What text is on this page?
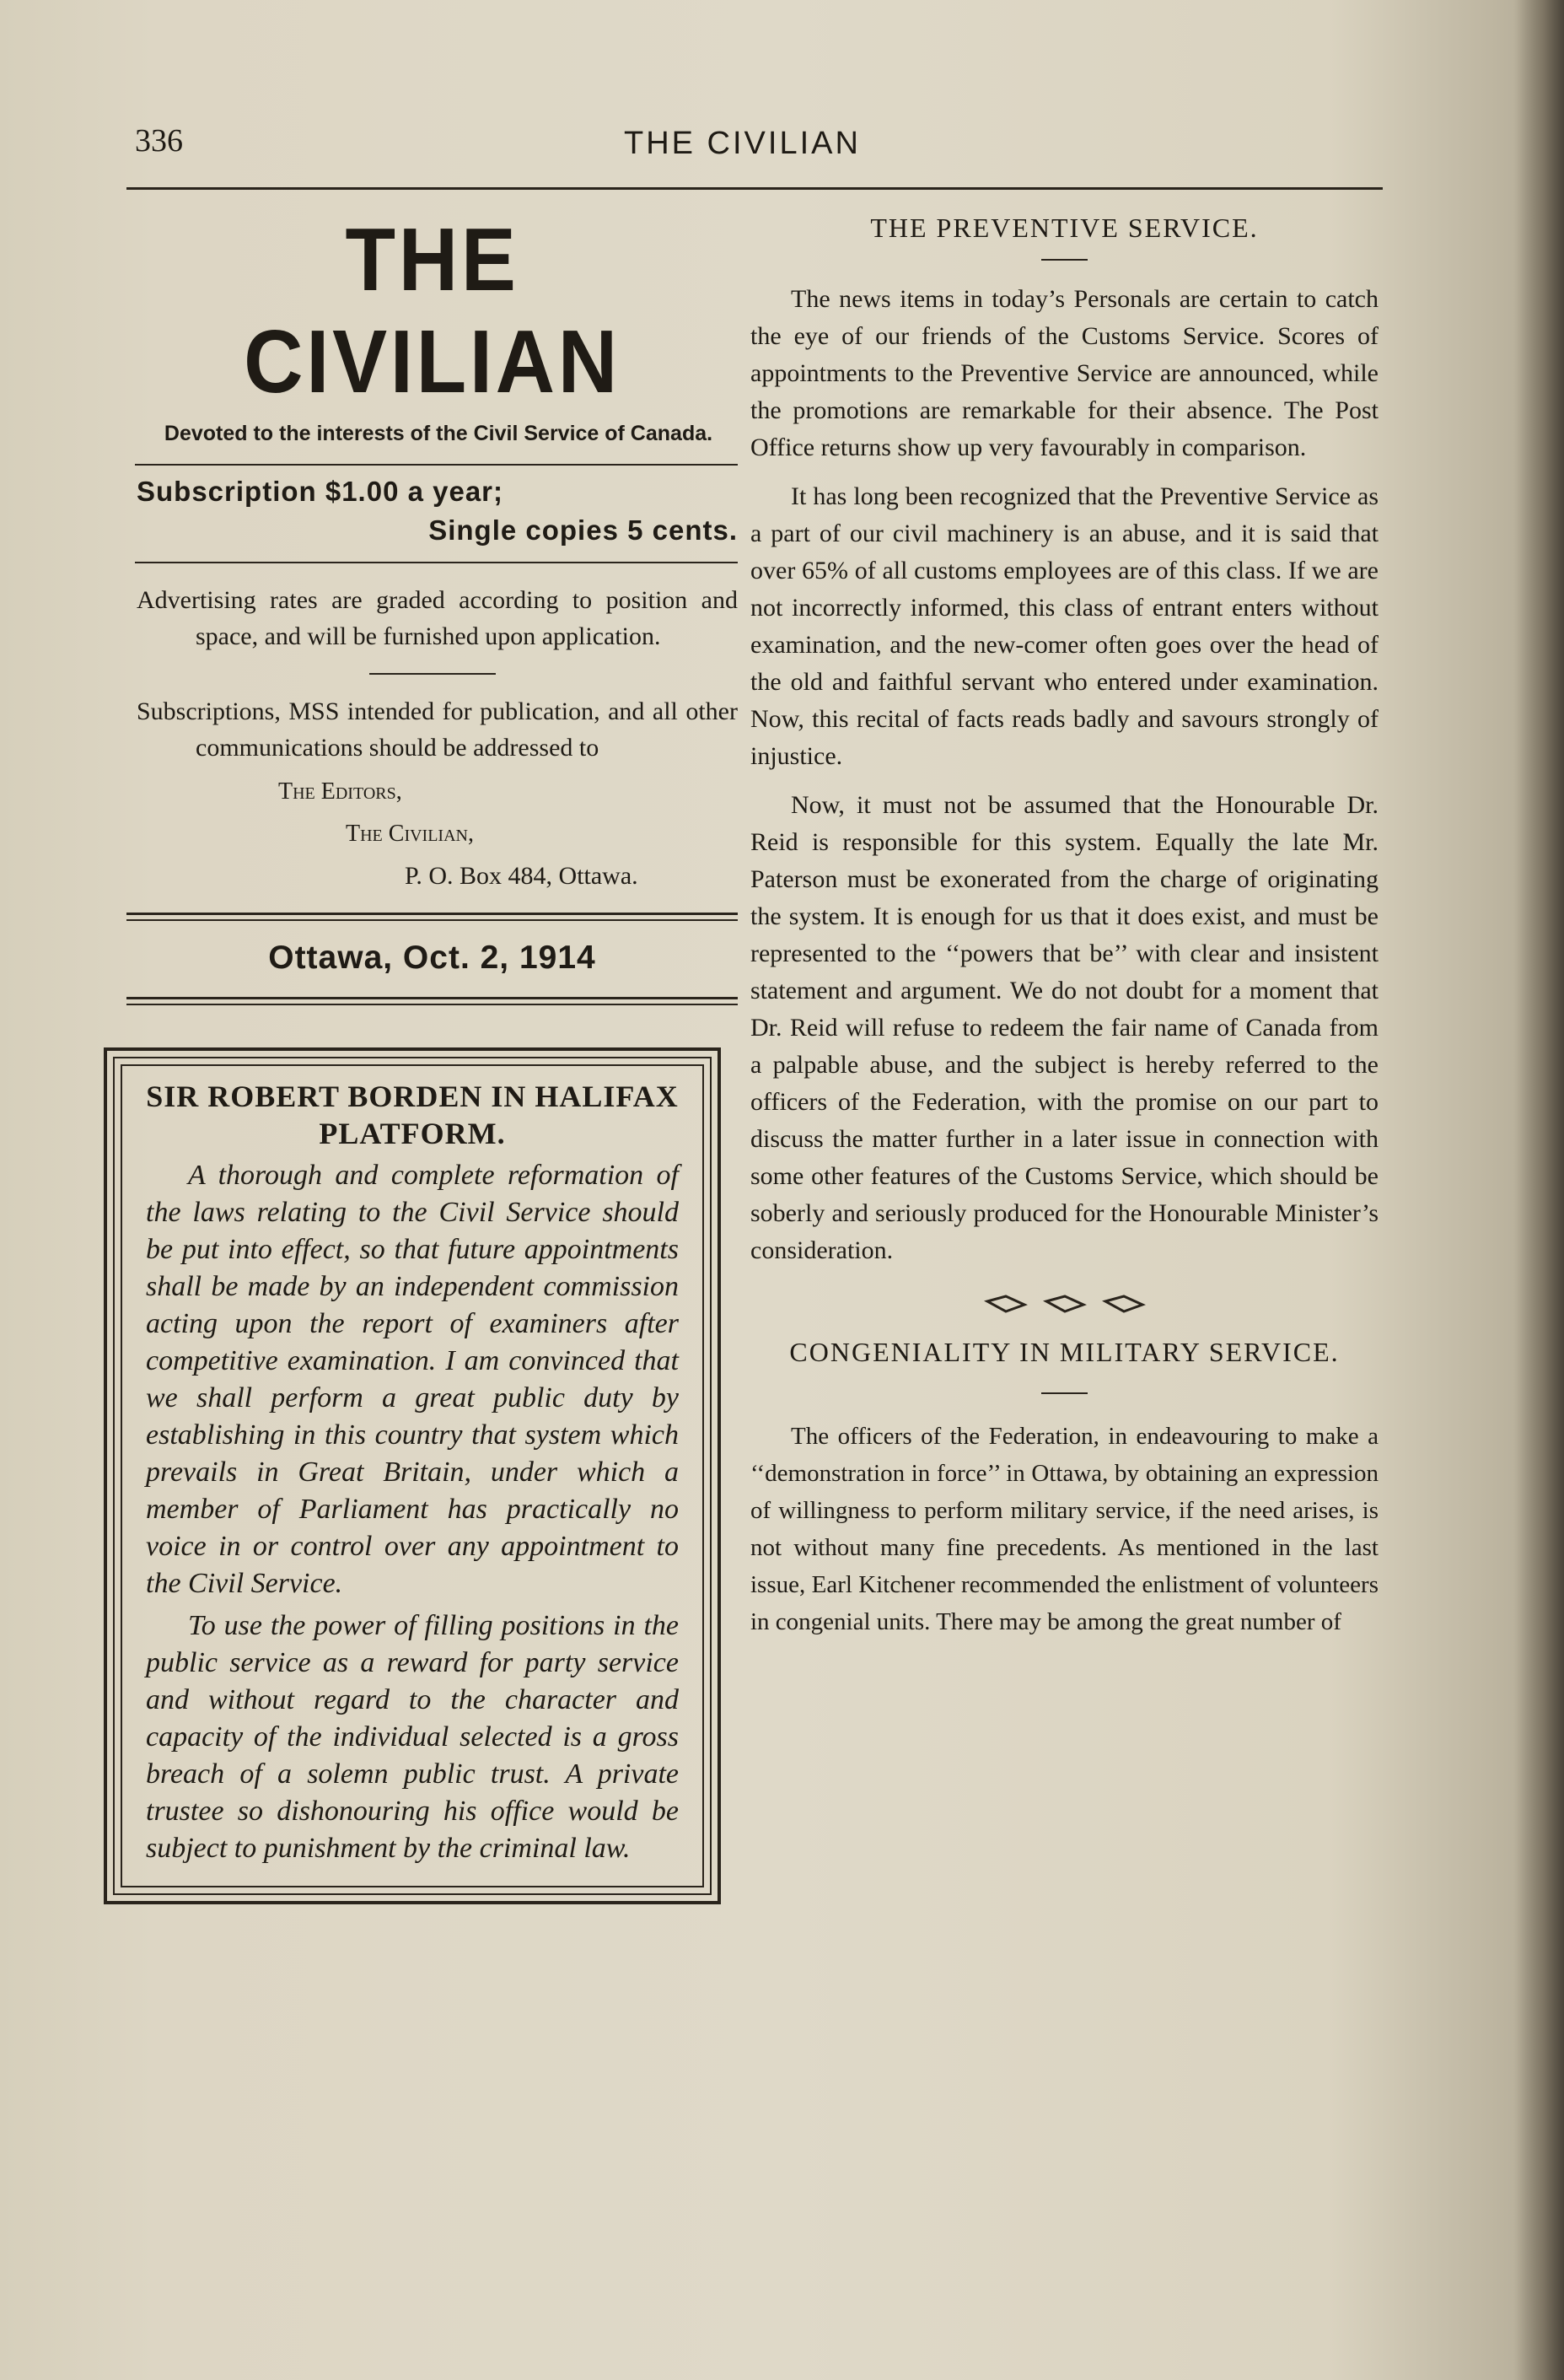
336	THE CIVILIAN
THE CIVILIAN
Devoted to the interests of the Civil Service of Canada.
Subscription $1.00 a year;
Single copies 5 cents.
Advertising rates are graded according to position and space, and will be furnished upon application.
Subscriptions, MSS intended for publication, and all other communications should be addressed to
The Editors,
The Civilian,
P. O. Box 484, Ottawa.
Ottawa, Oct. 2, 1914
SIR ROBERT BORDEN IN HALIFAX PLATFORM.

A thorough and complete reformation of the laws relating to the Civil Service should be put into effect, so that future appointments shall be made by an independent commission acting upon the report of examiners after competitive examination. I am convinced that we shall perform a great public duty by establishing in this country that system which prevails in Great Britain, under which a member of Parliament has practically no voice in or control over any appointment to the Civil Service.

To use the power of filling positions in the public service as a reward for party service and without regard to the character and capacity of the individual selected is a gross breach of a solemn public trust. A private trustee so dishonouring his office would be subject to punishment by the criminal law.

THE PREVENTIVE SERVICE.

The news items in today’s Personals are certain to catch the eye of our friends of the Customs Service. Scores of appointments to the Preventive Service are announced, while the promotions are remarkable for their absence. The Post Office returns show up very favourably in comparison.

It has long been recognized that the Preventive Service as a part of our civil machinery is an abuse, and it is said that over 65% of all customs employees are of this class. If we are not incorrectly informed, this class of entrant enters without examination, and the new-comer often goes over the head of the old and faithful servant who entered under examination. Now, this recital of facts reads badly and savours strongly of injustice.

Now, it must not be assumed that the Honourable Dr. Reid is responsible for this system. Equally the late Mr. Paterson must be exonerated from the charge of originating the system. It is enough for us that it does exist, and must be represented to the ‘‘powers that be’’ with clear and insistent statement and argument. We do not doubt for a moment that Dr. Reid will refuse to redeem the fair name of Canada from a palpable abuse, and the subject is hereby referred to the officers of the Federation, with the promise on our part to discuss the matter further in a later issue in connection with some other features of the Customs Service, which should be soberly and seriously produced for the Honourable Minister’s consideration.

CONGENIALITY IN MILITARY SERVICE.

The officers of the Federation, in endeavouring to make a ‘‘demonstration in force’’ in Ottawa, by obtaining an expression of willingness to perform military service, if the need arises, is not without many fine precedents. As mentioned in the last issue, Earl Kitchener recommended the enlistment of volunteers in congenial units. There may be among the great number of
